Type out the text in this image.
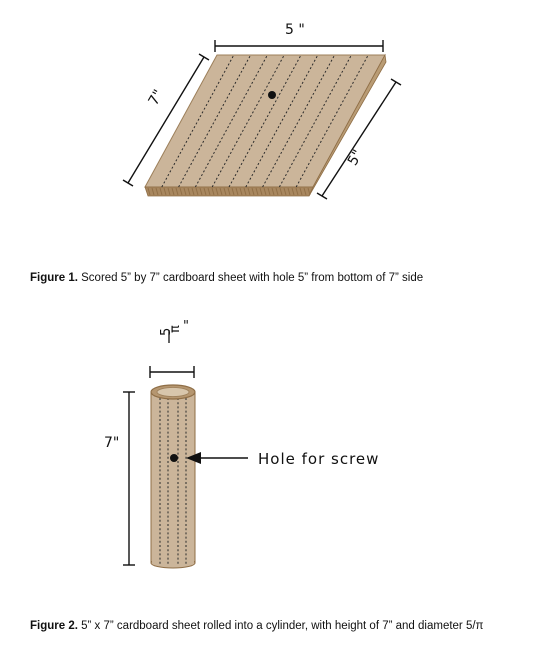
5 "
7"
5"
Figure 1. Scored 5” by 7” cardboard sheet with hole 5” from bottom of 7” side
5
π "
7"
Hole for screw
Figure 2. 5” x 7” cardboard sheet rolled into a cylinder, with height of 7” and diameter 5/π
